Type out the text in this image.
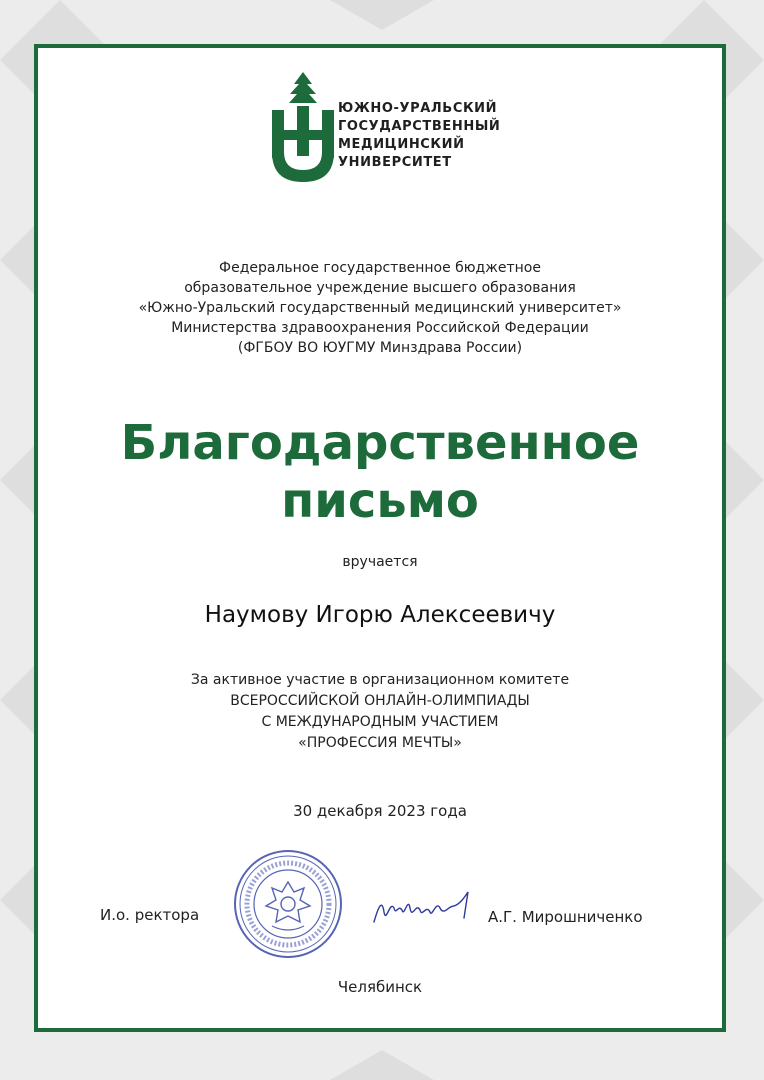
ЮЖНО-УРАЛЬСКИЙ
ГОСУДАРСТВЕННЫЙ
МЕДИЦИНСКИЙ
УНИВЕРСИТЕТ
Федеральное государственное бюджетное
образовательное учреждение высшего образования
«Южно-Уральский государственный медицинский университет»
Министерства здравоохранения Российской Федерации
(ФГБОУ ВО ЮУГМУ Минздрава России)
Благодарственное
письмо
вручается
Наумову Игорю Алексеевичу
За активное участие в организационном комитете
ВСЕРОССИЙСКОЙ ОНЛАЙН-ОЛИМПИАДЫ
С МЕЖДУНАРОДНЫМ УЧАСТИЕМ
«ПРОФЕССИЯ МЕЧТЫ»
30 декабря 2023 года
И.о. ректора	А.Г. Мирошниченко
Челябинск
